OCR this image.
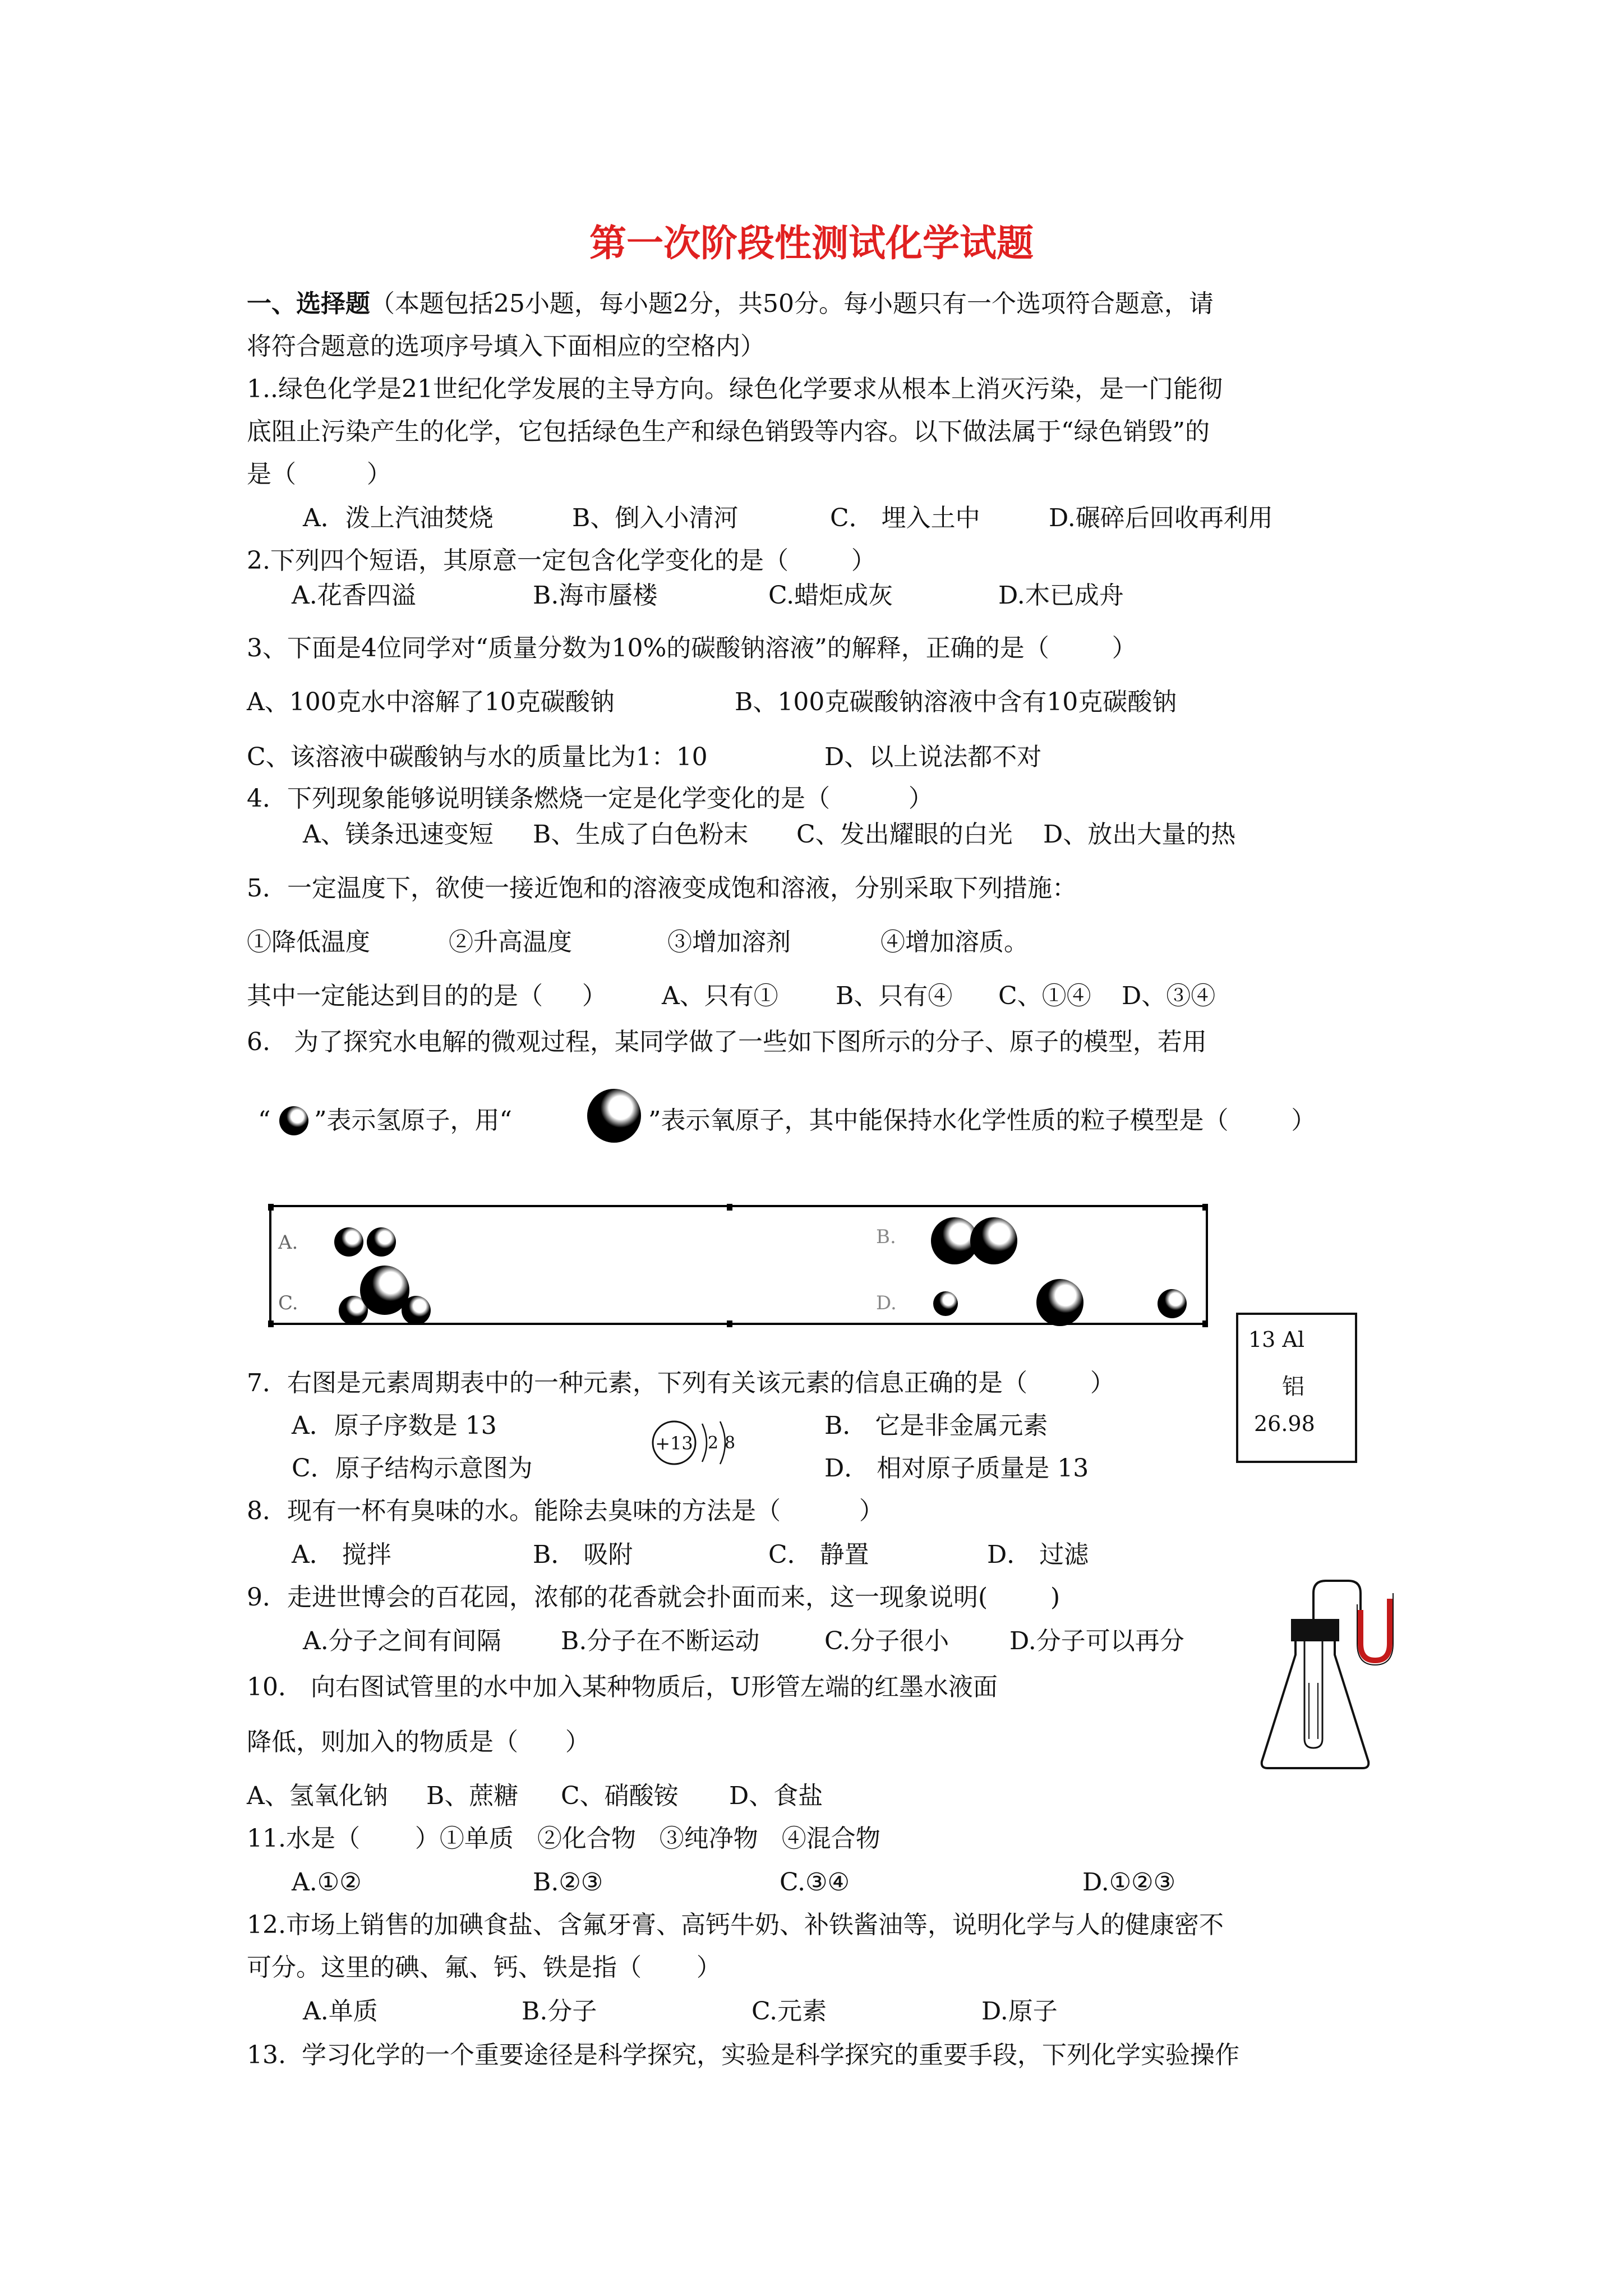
第一次阶段性测试化学试题
一、选择题（本题包括25小题，每小题2分，共50分。每小题只有一个选项符合题意，请
将符合题意的选项序号填入下面相应的空格内）
1..绿色化学是21世纪化学发展的主导方向。绿色化学要求从根本上消灭污染，是一门能彻
底阻止污染产生的化学，它包括绿色生产和绿色销毁等内容。以下做法属于“绿色销毁”的
是（         ）
A．泼上汽油焚烧	B、倒入小清河	C． 埋入土中	D.碾碎后回收再利用
2.下列四个短语，其原意一定包含化学变化的是（        ）
A.花香四溢	B.海市蜃楼	C.蜡炬成灰	D.木已成舟
3、下面是4位同学对“质量分数为10%的碳酸钠溶液”的解释，正确的是（        ）
A、100克水中溶解了10克碳酸钠	B、100克碳酸钠溶液中含有10克碳酸钠
C、该溶液中碳酸钠与水的质量比为1：10	D、以上说法都不对
4．下列现象能够说明镁条燃烧一定是化学变化的是（          ）
A、镁条迅速变短 B、生成了白色粉末 C、发出耀眼的白光 D、放出大量的热
5．一定温度下，欲使一接近饱和的溶液变成饱和溶液，分别采取下列措施：
①降低温度	②升高温度	③增加溶剂	④增加溶质。
其中一定能达到目的的是（     ） A、只有① B、只有④ C、①④ D、③④
6.   为了探究水电解的微观过程，某同学做了一些如下图所示的分子、原子的模型，若用
“ ”表示氢原子，用“	”表示氧原子，其中能保持水化学性质的粒子模型是（        ）
A.	B.
C.	D.
7．右图是元素周期表中的一种元素，下列有关该元素的信息正确的是（        ）
A．原子序数是 13	B． 它是非金属元素
C．原子结构示意图为	D． 相对原子质量是 13
+13 2 8
13 Al
铝
26.98
8．现有一杯有臭味的水。能除去臭味的方法是（          ）
A． 搅拌	B． 吸附	C． 静置	D． 过滤
9．走进世博会的百花园，浓郁的花香就会扑面而来，这一现象说明(        )
A.分子之间有间隔 B.分子在不断运动	C.分子很小 D.分子可以再分
10． 向右图试管里的水中加入某种物质后，U形管左端的红墨水液面
降低，则加入的物质是（      ）
A、氢氧化钠 B、蔗糖 C、硝酸铵 D、食盐
11.水是（       ）①单质   ②化合物   ③纯净物   ④混合物
A.①②	B.②③	C.③④	D.①②③
12.市场上销售的加碘食盐、含氟牙膏、高钙牛奶、补铁酱油等，说明化学与人的健康密不
可分。这里的碘、氟、钙、铁是指（       ）
A.单质	B.分子	C.元素	D.原子
13.  学习化学的一个重要途径是科学探究，实验是科学探究的重要手段，下列化学实验操作
